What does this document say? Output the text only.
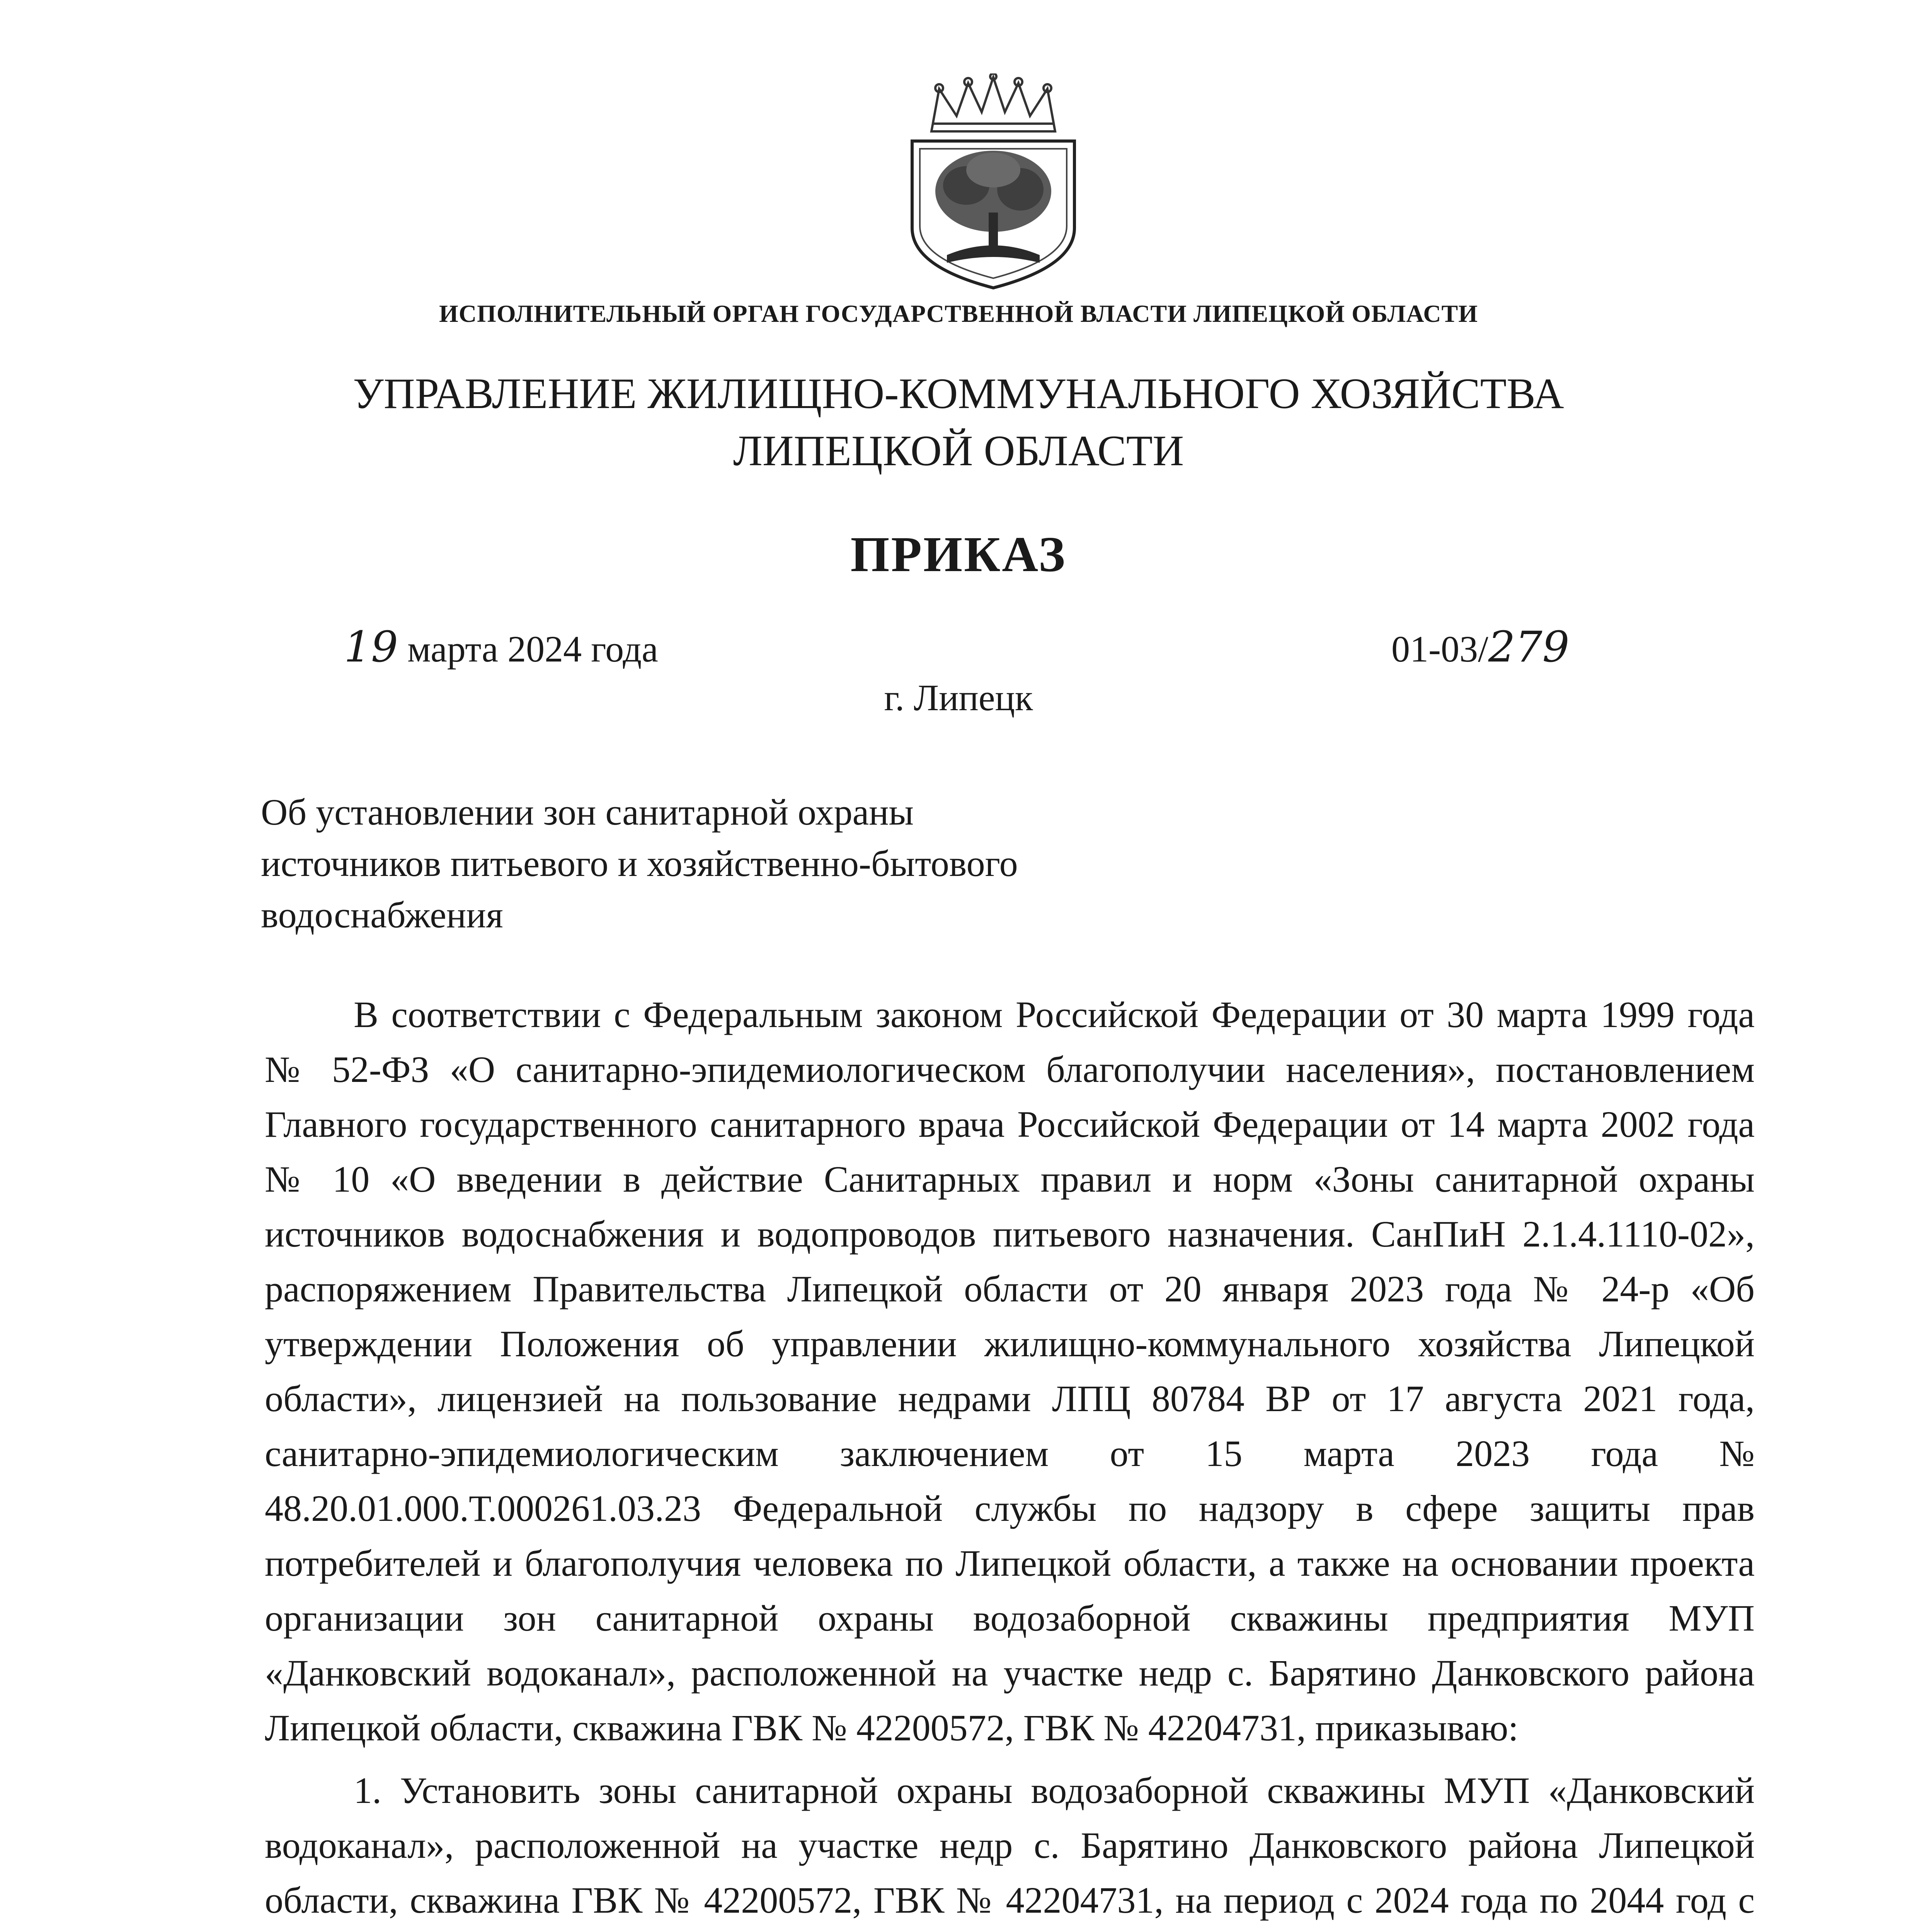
ИСПОЛНИТЕЛЬНЫЙ ОРГАН ГОСУДАРСТВЕННОЙ ВЛАСТИ ЛИПЕЦКОЙ ОБЛАСТИ
УПРАВЛЕНИЕ ЖИЛИЩНО-КОММУНАЛЬНОГО ХОЗЯЙСТВА
ЛИПЕЦКОЙ ОБЛАСТИ
ПРИКАЗ
19 марта 2024 года	01-03/279
г. Липецк
Об установлении зон санитарной охраны
источников питьевого и хозяйственно-бытового
водоснабжения

В соответствии с Федеральным законом Российской Федерации от 30 марта 1999 года № 52-ФЗ «О санитарно-эпидемиологическом благополучии населения», постановлением Главного государственного санитарного врача Российской Федерации от 14 марта 2002 года № 10 «О введении в действие Санитарных правил и норм «Зоны санитарной охраны источников водоснабжения и водопроводов питьевого назначения. СанПиН 2.1.4.1110-02», распоряжением Правительства Липецкой области от 20 января 2023 года № 24-р «Об утверждении Положения об управлении жилищно-коммунального хозяйства Липецкой области», лицензией на пользование недрами ЛПЦ 80784 ВР от 17 августа 2021 года, санитарно-эпидемиологическим заключением от 15 марта 2023 года № 48.20.01.000.Т.000261.03.23 Федеральной службы по надзору в сфере защиты прав потребителей и благополучия человека по Липецкой области, а также на основании проекта организации зон санитарной охраны водозаборной скважины предприятия МУП «Данковский водоканал», расположенной на участке недр с. Барятино Данковского района Липецкой области, скважина ГВК № 42200572, ГВК № 42204731, приказываю:

1. Установить зоны санитарной охраны водозаборной скважины МУП «Данковский водоканал», расположенной на участке недр с. Барятино Данковского района Липецкой области, скважина ГВК № 42200572, ГВК № 42204731, на период с 2024 года по 2044 год с
